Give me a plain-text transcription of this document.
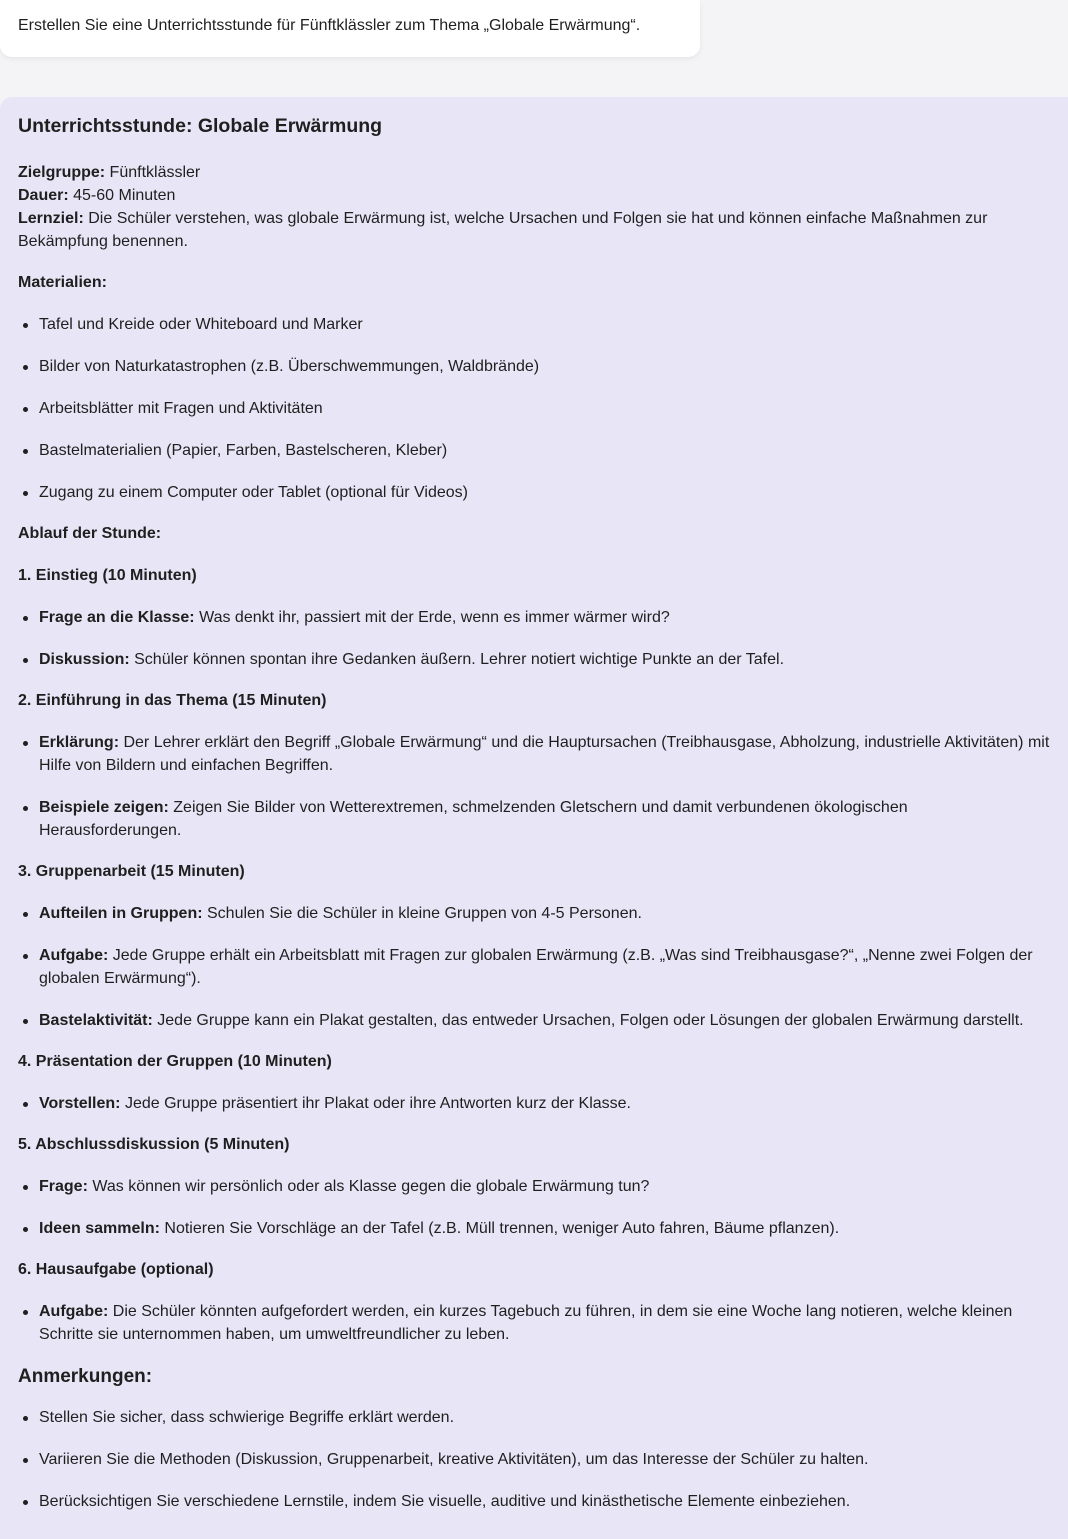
Erstellen Sie eine Unterrichtsstunde für Fünftklässler zum Thema „Globale Erwärmung“.
Unterrichtsstunde: Globale Erwärmung
Zielgruppe: Fünftklässler
Dauer: 45-60 Minuten
Lernziel: Die Schüler verstehen, was globale Erwärmung ist, welche Ursachen und Folgen sie hat und können einfache Maßnahmen zur Bekämpfung benennen.
Materialien:
Tafel und Kreide oder Whiteboard und Marker
Bilder von Naturkatastrophen (z.B. Überschwemmungen, Waldbrände)
Arbeitsblätter mit Fragen und Aktivitäten
Bastelmaterialien (Papier, Farben, Bastelscheren, Kleber)
Zugang zu einem Computer oder Tablet (optional für Videos)
Ablauf der Stunde:
1. Einstieg (10 Minuten)
Frage an die Klasse: Was denkt ihr, passiert mit der Erde, wenn es immer wärmer wird?
Diskussion: Schüler können spontan ihre Gedanken äußern. Lehrer notiert wichtige Punkte an der Tafel.
2. Einführung in das Thema (15 Minuten)
Erklärung: Der Lehrer erklärt den Begriff „Globale Erwärmung“ und die Hauptursachen (Treibhausgase, Abholzung, industrielle Aktivitäten) mit Hilfe von Bildern und einfachen Begriffen.
Beispiele zeigen: Zeigen Sie Bilder von Wetterextremen, schmelzenden Gletschern und damit verbundenen ökologischen Herausforderungen.
3. Gruppenarbeit (15 Minuten)
Aufteilen in Gruppen: Schulen Sie die Schüler in kleine Gruppen von 4-5 Personen.
Aufgabe: Jede Gruppe erhält ein Arbeitsblatt mit Fragen zur globalen Erwärmung (z.B. „Was sind Treibhausgase?“, „Nenne zwei Folgen der globalen Erwärmung“).
Bastelaktivität: Jede Gruppe kann ein Plakat gestalten, das entweder Ursachen, Folgen oder Lösungen der globalen Erwärmung darstellt.
4. Präsentation der Gruppen (10 Minuten)
Vorstellen: Jede Gruppe präsentiert ihr Plakat oder ihre Antworten kurz der Klasse.
5. Abschlussdiskussion (5 Minuten)
Frage: Was können wir persönlich oder als Klasse gegen die globale Erwärmung tun?
Ideen sammeln: Notieren Sie Vorschläge an der Tafel (z.B. Müll trennen, weniger Auto fahren, Bäume pflanzen).
6. Hausaufgabe (optional)
Aufgabe: Die Schüler könnten aufgefordert werden, ein kurzes Tagebuch zu führen, in dem sie eine Woche lang notieren, welche kleinen Schritte sie unternommen haben, um umweltfreundlicher zu leben.
Anmerkungen:
Stellen Sie sicher, dass schwierige Begriffe erklärt werden.
Variieren Sie die Methoden (Diskussion, Gruppenarbeit, kreative Aktivitäten), um das Interesse der Schüler zu halten.
Berücksichtigen Sie verschiedene Lernstile, indem Sie visuelle, auditive und kinästhetische Elemente einbeziehen.
